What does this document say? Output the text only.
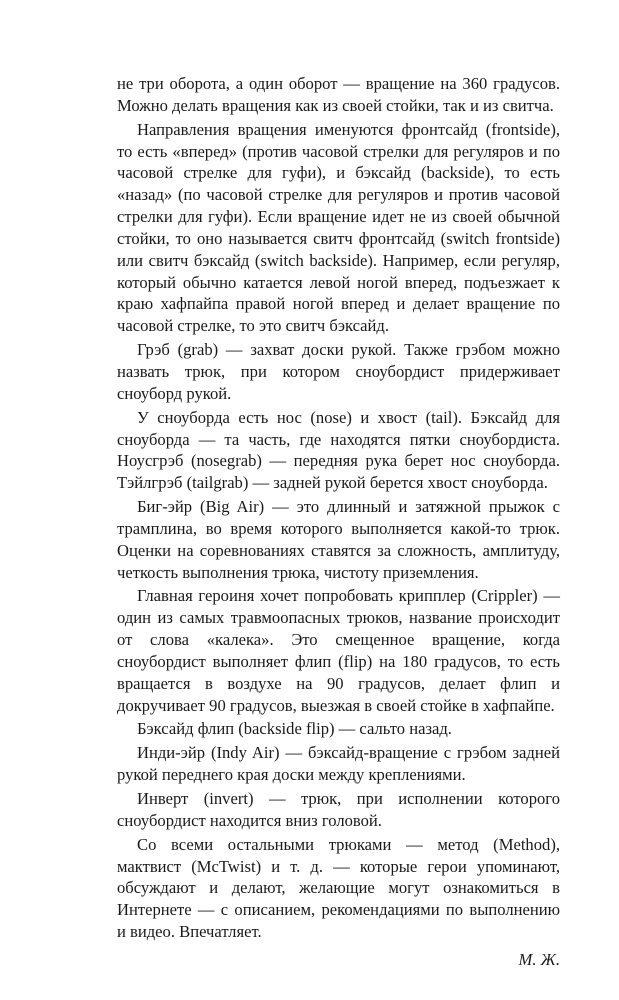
не три оборота, а один оборот — вращение на 360 градусов. Можно делать вращения как из своей стойки, так и из свитча.

Направления вращения именуются фронтсайд (frontside), то есть «вперед» (против часовой стрелки для регуляров и по часовой стрелке для гуфи), и бэксайд (backside), то есть «назад» (по часовой стрелке для регуляров и против часовой стрелки для гуфи). Если вращение идет не из своей обычной стойки, то оно называется свитч фронтсайд (switch frontside) или свитч бэксайд (switch backside). Например, если регуляр, который обычно катается левой ногой вперед, подъезжает к краю хафпайпа правой ногой вперед и делает вращение по часовой стрелке, то это свитч бэксайд.

Грэб (grab) — захват доски рукой. Также грэбом можно назвать трюк, при котором сноубордист придерживает сноуборд рукой.

У сноуборда есть нос (nose) и хвост (tail). Бэксайд для сноуборда — та часть, где находятся пятки сноубордиста. Ноусгрэб (nosegrab) — передняя рука берет нос сноуборда. Тэйлгрэб (tailgrab) — задней рукой берется хвост сноуборда.

Биг-эйр (Big Air) — это длинный и затяжной прыжок с трамплина, во время которого выполняется какой-то трюк. Оценки на соревнованиях ставятся за сложность, амплитуду, четкость выполнения трюка, чистоту приземления.

Главная героиня хочет попробовать крипплер (Crippler) — один из самых травмоопасных трюков, название происходит от слова «калека». Это смещенное вращение, когда сноубордист выполняет флип (flip) на 180 градусов, то есть вращается в воздухе на 90 градусов, делает флип и докручивает 90 градусов, выезжая в своей стойке в хафпайпе.

Бэксайд флип (backside flip) — сальто назад.

Инди-эйр (Indy Air) — бэксайд-вращение с грэбом задней рукой переднего края доски между креплениями.

Инверт (invert) — трюк, при исполнении которого сноубордист находится вниз головой.

Со всеми остальными трюками — метод (Method), мактвист (McTwist) и т. д. — которые герои упоминают, обсуждают и делают, желающие могут ознакомиться в Интернете — с описанием, рекомендациями по выполнению и видео. Впечатляет.

М. Ж.
